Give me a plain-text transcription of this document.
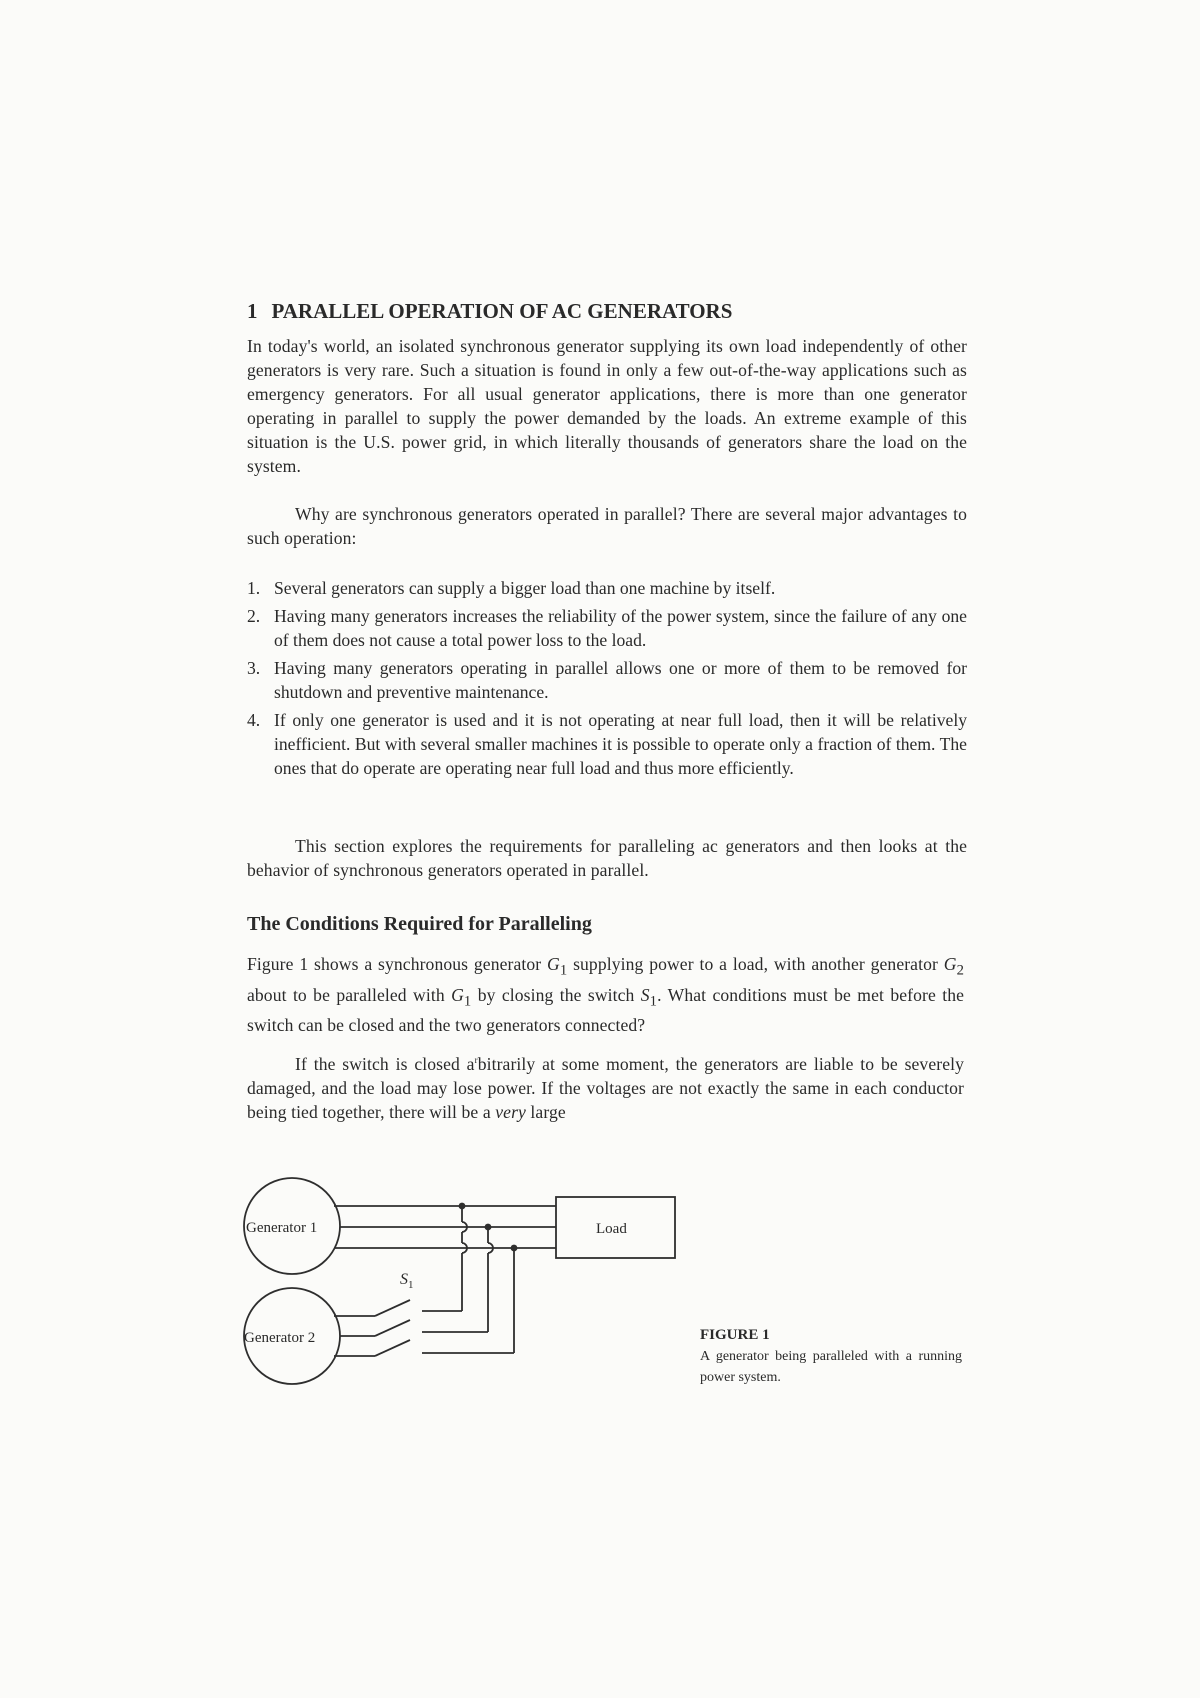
1 PARALLEL OPERATION OF AC GENERATORS

In today's world, an isolated synchronous generator supplying its own load independently of other generators is very rare. Such a situation is found in only a few out-of-the-way applications such as emergency generators. For all usual generator applications, there is more than one generator operating in parallel to supply the power demanded by the loads. An extreme example of this situation is the U.S. power grid, in which literally thousands of generators share the load on the system.

Why are synchronous generators operated in parallel? There are several major advantages to such operation:

1. Several generators can supply a bigger load than one machine by itself.
2. Having many generators increases the reliability of the power system, since the failure of any one of them does not cause a total power loss to the load.
3. Having many generators operating in parallel allows one or more of them to be removed for shutdown and preventive maintenance.
4. If only one generator is used and it is not operating at near full load, then it will be relatively inefficient. But with several smaller machines it is possible to operate only a fraction of them. The ones that do operate are operating near full load and thus more efficiently.

This section explores the requirements for paralleling ac generators and then looks at the behavior of synchronous generators operated in parallel.

The Conditions Required for Paralleling

Figure 1 shows a synchronous generator $G_1$ supplying power to a load, with another generator $G_2$ about to be paralleled with $G_1$ by closing the switch $S_1$. What conditions must be met before the switch can be closed and the two generators connected?

If the switch is closed $a^rbitrarily$ at some moment, the generators are liable to be severely damaged, and the load may lose power. If the voltages are not exactly the same in each conductor being tied together, there will be a very large

Generator 1
Generator 2
Load
$S_1$
FIGURE 1
A generator being paralleled with a running power system.
